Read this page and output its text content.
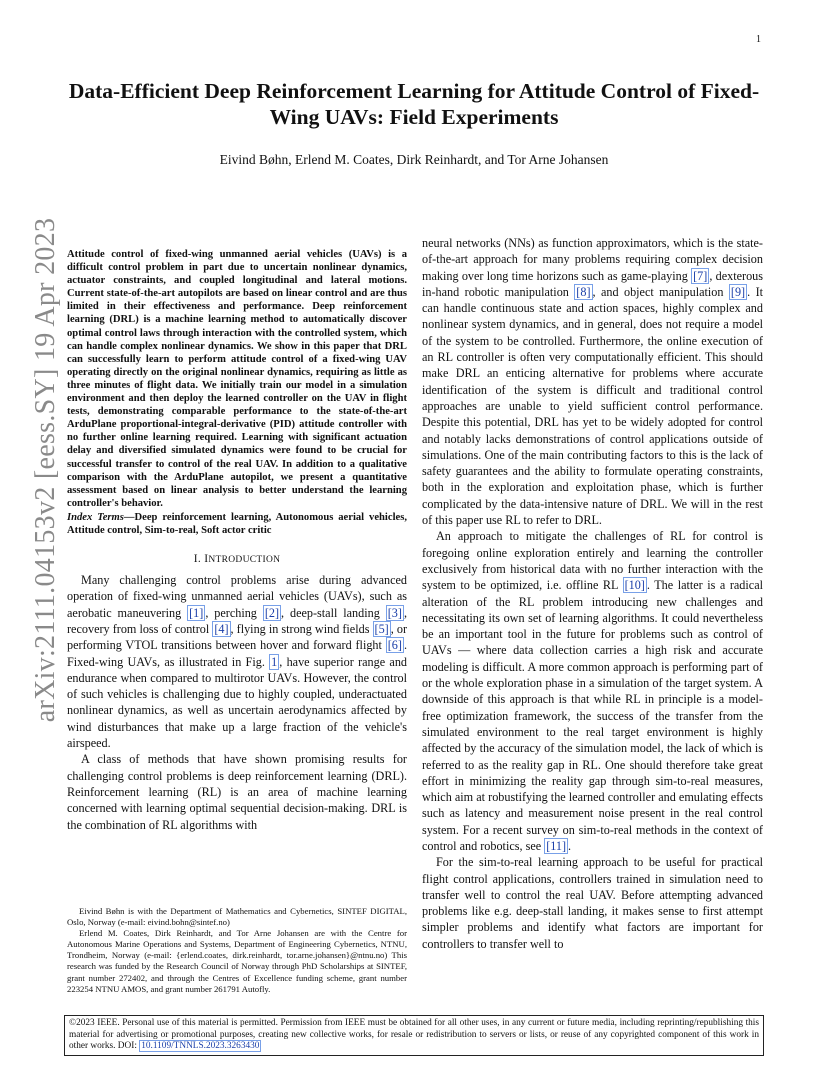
1
arXiv:2111.04153v2 [eess.SY] 19 Apr 2023
Data-Efficient Deep Reinforcement Learning for Attitude Control of Fixed-Wing UAVs: Field Experiments
Eivind Bøhn, Erlend M. Coates, Dirk Reinhardt, and Tor Arne Johansen

Attitude control of fixed-wing unmanned aerial vehicles (UAVs) is a difficult control problem in part due to uncertain nonlinear dynamics, actuator constraints, and coupled longitudinal and lateral motions. Current state-of-the-art autopilots are based on linear control and are thus limited in their effectiveness and performance. Deep reinforcement learning (DRL) is a machine learning method to automatically discover optimal control laws through interaction with the controlled system, which can handle complex nonlinear dynamics. We show in this paper that DRL can successfully learn to perform attitude control of a fixed-wing UAV operating directly on the original nonlinear dynamics, requiring as little as three minutes of flight data. We initially train our model in a simulation environment and then deploy the learned controller on the UAV in flight tests, demonstrating comparable performance to the state-of-the-art ArduPlane proportional-integral-derivative (PID) attitude controller with no further online learning required. Learning with significant actuation delay and diversified simulated dynamics were found to be crucial for successful transfer to control of the real UAV. In addition to a qualitative comparison with the ArduPlane autopilot, we present a quantitative assessment based on linear analysis to better understand the learning controller's behavior.

Index Terms—Deep reinforcement learning, Autonomous aerial vehicles, Attitude control, Sim-to-real, Soft actor critic

I. INTRODUCTION

Many challenging control problems arise during advanced operation of fixed-wing unmanned aerial vehicles (UAVs), such as aerobatic maneuvering [1] , perching [2] , deep-stall landing [3] , recovery from loss of control [4] , flying in strong wind fields [5] , or performing VTOL transitions between hover and forward flight [6] . Fixed-wing UAVs, as illustrated in Fig. 1 , have superior range and endurance when compared to multirotor UAVs. However, the control of such vehicles is challenging due to highly coupled, underactuated nonlinear dynamics, as well as uncertain aerodynamics affected by wind disturbances that make up a large fraction of the vehicle's airspeed.

A class of methods that have shown promising results for challenging control problems is deep reinforcement learning (DRL). Reinforcement learning (RL) is an area of machine learning concerned with learning optimal sequential decision-making. DRL is the combination of RL algorithms with

Eivind Bøhn is with the Department of Mathematics and Cybernetics, SINTEF DIGITAL, Oslo, Norway (e-mail: eivind.bohn@sintef.no)

Erlend M. Coates, Dirk Reinhardt, and Tor Arne Johansen are with the Centre for Autonomous Marine Operations and Systems, Department of Engineering Cybernetics, NTNU, Trondheim, Norway (e-mail: {erlend.coates, dirk.reinhardt, tor.arne.johansen}@ntnu.no) This research was funded by the Research Council of Norway through PhD Scholarships at SINTEF, grant number 272402, and through the Centres of Excellence funding scheme, grant number 223254 NTNU AMOS, and grant number 261791 Autofly.

neural networks (NNs) as function approximators, which is the state-of-the-art approach for many problems requiring complex decision making over long time horizons such as game-playing [7] , dexterous in-hand robotic manipulation [8] , and object manipulation [9] . It can handle continuous state and action spaces, highly complex and nonlinear system dynamics, and in general, does not require a model of the system to be controlled. Furthermore, the online execution of an RL controller is often very computationally efficient. This should make DRL an enticing alternative for problems where accurate identification of the system is difficult and traditional control approaches are unable to yield sufficient control performance. Despite this potential, DRL has yet to be widely adopted for control and notably lacks demonstrations of control applications outside of simulations. One of the main contributing factors to this is the lack of safety guarantees and the ability to formulate operating constraints, both in the exploration and exploitation phase, which is further complicated by the data-intensive nature of DRL. We will in the rest of this paper use RL to refer to DRL.

An approach to mitigate the challenges of RL for control is foregoing online exploration entirely and learning the controller exclusively from historical data with no further interaction with the system to be optimized, i.e. offline RL [10] . The latter is a radical alteration of the RL problem introducing new challenges and necessitating its own set of learning algorithms. It could nevertheless be an important tool in the future for problems such as control of UAVs — where data collection carries a high risk and accurate modeling is difficult. A more common approach is performing part of or the whole exploration phase in a simulation of the target system. A downside of this approach is that while RL in principle is a model-free optimization framework, the success of the transfer from the simulated environment to the real target environment is highly affected by the accuracy of the simulation model, the lack of which is referred to as the reality gap in RL. One should therefore take great effort in minimizing the reality gap through sim-to-real measures, which aim at robustifying the learned controller and emulating effects such as latency and measurement noise present in the real control system. For a recent survey on sim-to-real methods in the context of control and robotics, see [11] .

For the sim-to-real learning approach to be useful for practical flight control applications, controllers trained in simulation need to transfer well to control the real UAV. Before attempting advanced problems like e.g. deep-stall landing, it makes sense to first attempt simpler problems and identify what factors are important for controllers to transfer well to

©2023 IEEE. Personal use of this material is permitted. Permission from IEEE must be obtained for all other uses, in any current or future media, including reprinting/republishing this material for advertising or promotional purposes, creating new collective works, for resale or redistribution to servers or lists, or reuse of any copyrighted component of this work in other works. DOI: 10.1109/TNNLS.2023.3263430
